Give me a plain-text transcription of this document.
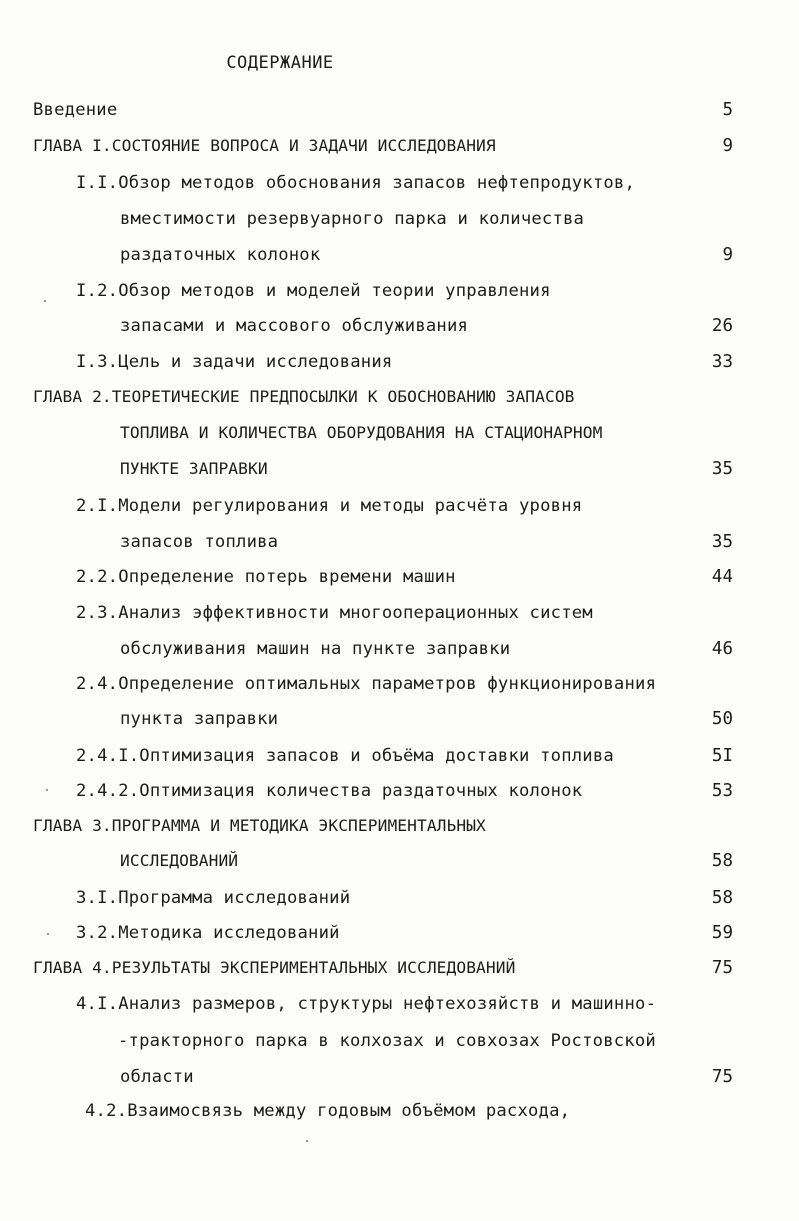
СОДЕРЖАНИЕ
Введение	5
ГЛАВА I.СОСТОЯНИЕ ВОПРОСА И ЗАДАЧИ ИССЛЕДОВАНИЯ	9
I.I.Обзор методов обоснования запасов нефтепродуктов,
вместимости резервуарного парка и количества
раздаточных колонок	9
I.2.Обзор методов и моделей теории управления
запасами и массового обслуживания	26
I.3.Цель и задачи исследования	33
ГЛАВА 2.ТЕОРЕТИЧЕСКИЕ ПРЕДПОСЫЛКИ К ОБОСНОВАНИЮ ЗАПАСОВ
ТОПЛИВА И КОЛИЧЕСТВА ОБОРУДОВАНИЯ НА СТАЦИОНАРНОМ
ПУНКТЕ ЗАПРАВКИ	35
2.I.Модели регулирования и методы расчёта уровня
запасов топлива	35
2.2.Определение потерь времени машин	44
2.3.Анализ эффективности многооперационных систем
обслуживания машин на пункте заправки	46
2.4.Определение оптимальных параметров функционирования
пункта заправки	50
2.4.I.Оптимизация запасов и объёма доставки топлива	5I
2.4.2.Оптимизация количества раздаточных колонок	53
ГЛАВА 3.ПРОГРАММА И МЕТОДИКА ЭКСПЕРИМЕНТАЛЬНЫХ
ИССЛЕДОВАНИЙ	58
3.I.Программа исследований	58
3.2.Методика исследований	59
ГЛАВА 4.РЕЗУЛЬТАТЫ ЭКСПЕРИМЕНТАЛЬНЫХ ИССЛЕДОВАНИЙ	75
4.I.Анализ размеров, структуры нефтехозяйств и машинно-
-тракторного парка в колхозах и совхозах Ростовской
области	75
4.2.Взаимосвязь между годовым объёмом расхода,
